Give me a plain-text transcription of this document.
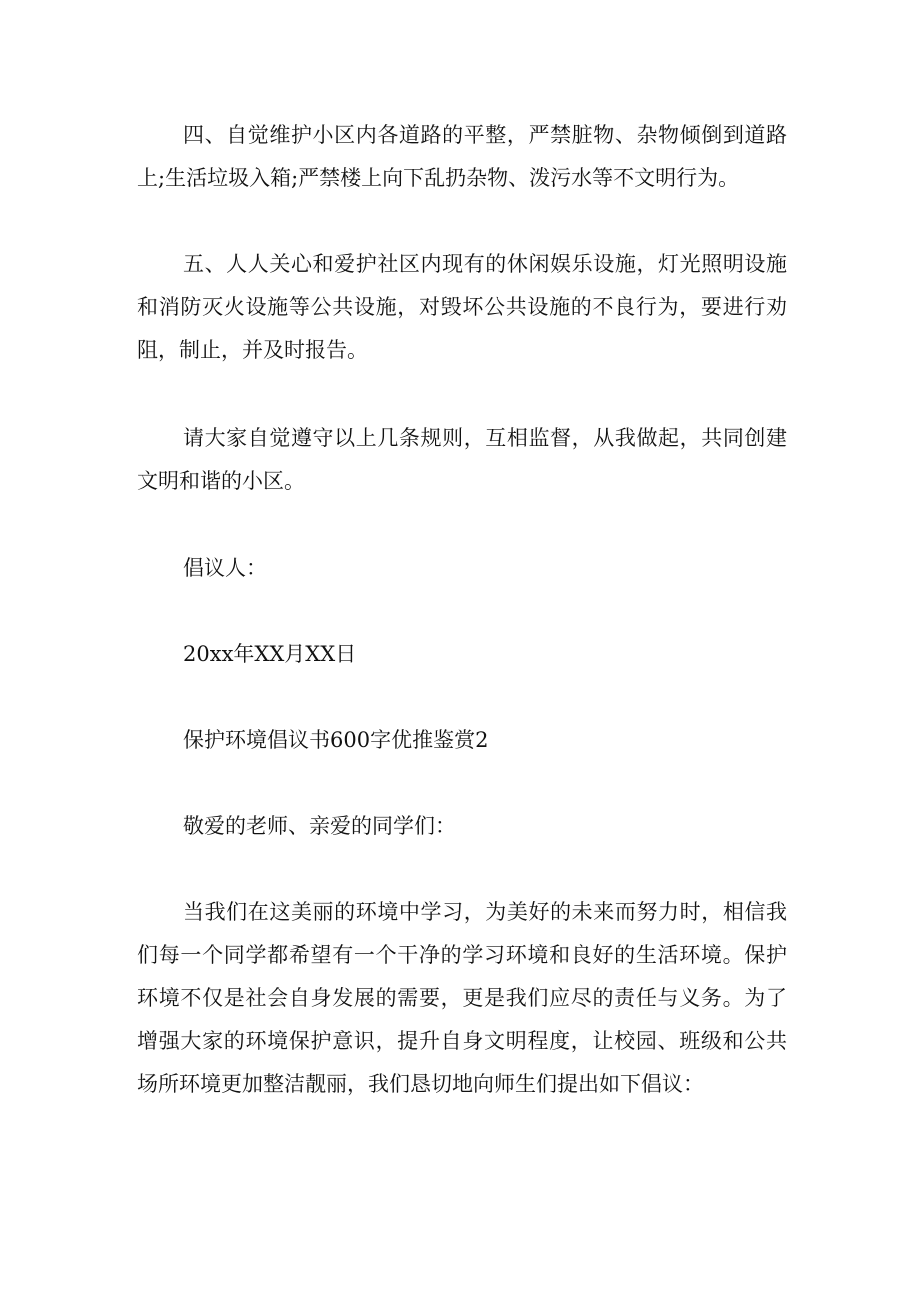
四、自觉维护小区内各道路的平整，严禁脏物、杂物倾倒到道路上;生活垃圾入箱;严禁楼上向下乱扔杂物、泼污水等不文明行为。

五、人人关心和爱护社区内现有的休闲娱乐设施，灯光照明设施和消防灭火设施等公共设施，对毁坏公共设施的不良行为，要进行劝阻，制止，并及时报告。

请大家自觉遵守以上几条规则，互相监督，从我做起，共同创建文明和谐的小区。

倡议人：

20xx年XX月XX日

保护环境倡议书600字优推鉴赏2

敬爱的老师、亲爱的同学们：

当我们在这美丽的环境中学习，为美好的未来而努力时，相信我们每一个同学都希望有一个干净的学习环境和良好的生活环境。保护环境不仅是社会自身发展的需要，更是我们应尽的责任与义务。为了增强大家的环境保护意识，提升自身文明程度，让校园、班级和公共场所环境更加整洁靓丽，我们恳切地向师生们提出如下倡议：
